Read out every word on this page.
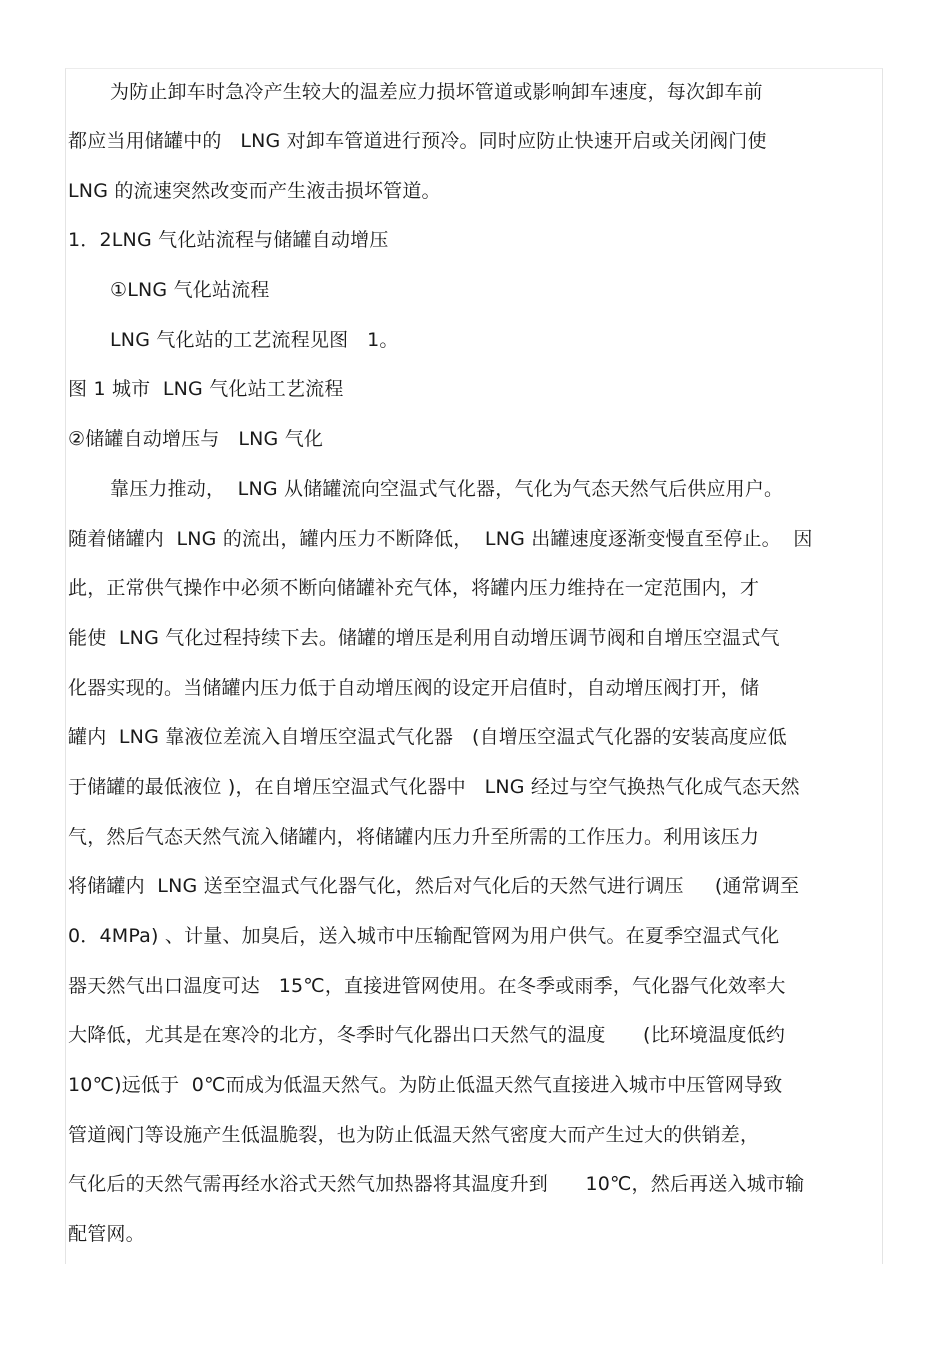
为防止卸车时急冷产生较大的温差应力损坏管道或影响卸车速度，每次卸车前
都应当用储罐中的   LNG 对卸车管道进行预冷。同时应防止快速开启或关闭阀门使
LNG 的流速突然改变而产生液击损坏管道。
1．2LNG 气化站流程与储罐自动增压
①LNG 气化站流程
LNG 气化站的工艺流程见图   1。
图 1 城市  LNG 气化站工艺流程
②储罐自动增压与   LNG 气化
靠压力推动，  LNG 从储罐流向空温式气化器，气化为气态天然气后供应用户。
随着储罐内  LNG 的流出，罐内压力不断降低，  LNG 出罐速度逐渐变慢直至停止。  因
此，正常供气操作中必须不断向储罐补充气体，将罐内压力维持在一定范围内，才
能使  LNG 气化过程持续下去。储罐的增压是利用自动增压调节阀和自增压空温式气
化器实现的。当储罐内压力低于自动增压阀的设定开启值时，自动增压阀打开，储
罐内  LNG 靠液位差流入自增压空温式气化器   (自增压空温式气化器的安装高度应低
于储罐的最低液位 )，在自增压空温式气化器中   LNG 经过与空气换热气化成气态天然
气，然后气态天然气流入储罐内，将储罐内压力升至所需的工作压力。利用该压力
将储罐内  LNG 送至空温式气化器气化，然后对气化后的天然气进行调压     (通常调至
0．4MPa) 、计量、加臭后，送入城市中压输配管网为用户供气。在夏季空温式气化
器天然气出口温度可达   15℃，直接进管网使用。在冬季或雨季，气化器气化效率大
大降低，尤其是在寒冷的北方，冬季时气化器出口天然气的温度      (比环境温度低约
10℃)远低于  0℃而成为低温天然气。为防止低温天然气直接进入城市中压管网导致
管道阀门等设施产生低温脆裂，也为防止低温天然气密度大而产生过大的供销差，
气化后的天然气需再经水浴式天然气加热器将其温度升到      10℃，然后再送入城市输
配管网。
